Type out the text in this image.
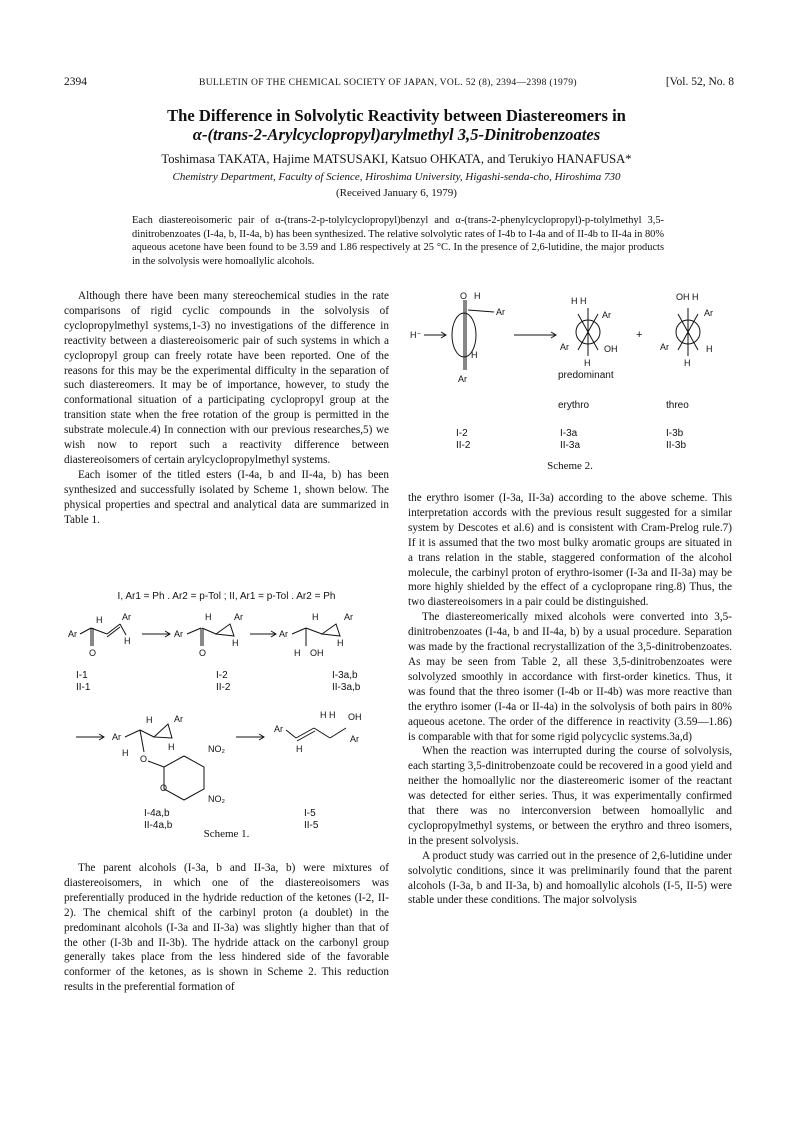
2394	BULLETIN OF THE CHEMICAL SOCIETY OF JAPAN, VOL. 52 (8), 2394—2398 (1979)	[Vol. 52, No. 8
The Difference in Solvolytic Reactivity between Diastereomers in
α-(trans-2-Arylcyclopropyl)arylmethyl 3,5-Dinitrobenzoates
Toshimasa TAKATA, Hajime MATSUSAKI, Katsuo OHKATA, and Terukiyo HANAFUSA*
Chemistry Department, Faculty of Science, Hiroshima University, Higashi-senda-cho, Hiroshima 730
(Received January 6, 1979)
Each diastereoisomeric pair of α-(trans-2-p-tolylcyclopropyl)benzyl and α-(trans-2-phenylcyclopropyl)-p-tolylmethyl 3,5-dinitrobenzoates (I-4a, b, II-4a, b) has been synthesized. The relative solvolytic rates of I-4b to I-4a and of II-4b to II-4a in 80% aqueous acetone have been found to be 3.59 and 1.86 respectively at 25 °C. In the presence of 2,6-lutidine, the major products in the solvolysis were homoallylic alcohols.

Although there have been many stereochemical studies in the rate comparisons of rigid cyclic compounds in the solvolysis of cyclopropylmethyl systems,1-3) no investigations of the difference in reactivity between a diastereoisomeric pair of such systems in which a cyclopropyl group can freely rotate have been reported. One of the reasons for this may be the experimental difficulty in the separation of such diastereomers. It may be of importance, however, to study the conformational situation of a participating cyclopropyl group at the transition state when the free rotation of the group is permitted in the substrate molecule.4) In connection with our previous researches,5) we wish now to report such a reactivity difference between diastereoisomers of certain arylcyclopropylmethyl systems.

Each isomer of the titled esters (I-4a, b and II-4a, b) has been synthesized and successfully isolated by Scheme 1, shown below. The physical properties and spectral and analytical data are summarized in Table 1.

I, Ar1 = Ph . Ar2 = p-Tol ; II, Ar1 = p-Tol . Ar2 = Ph
Ar
O
H Ar
H
Ar
O
H	Ar
H
Ar
H OH
H	Ar
H
Ar
H Ar
H
H
O
O
NO₂
NO₂
Ar
H
H H OH
Ar
I-1
II-1
I-2
II-2
I-3a,b
II-3a,b
I-4a,b
II-4a,b
I-5
II-5
Scheme 1.

The parent alcohols (I-3a, b and II-3a, b) were mixtures of diastereoisomers, in which one of the diastereoisomers was preferentially produced in the hydride reduction of the ketones (I-2, II-2). The chemical shift of the carbinyl proton (a doublet) in the predominant alcohols (I-3a and II-3a) was slightly higher than that of the other (I-3b and II-3b). The hydride attack on the carbonyl group generally takes place from the less hindered side of the favorable conformer of the ketones, as is shown in Scheme 2. This reduction results in the preferential formation of

H⁻
O H
Ar
H
Ar
H H
Ar
Ar
H
OH
+
OH H
Ar
Ar
H
H
predominant
erythro	threo
I-2
II-2
I-3a
II-3a
I-3b
II-3b
Scheme 2.

the erythro isomer (I-3a, II-3a) according to the above scheme. This interpretation accords with the previous result suggested for a similar system by Descotes et al.6) and is consistent with Cram-Prelog rule.7) If it is assumed that the two most bulky aromatic groups are situated in a trans relation in the stable, staggered conformation of the alcohol molecule, the carbinyl proton of erythro-isomer (I-3a and II-3a) may be more highly shielded by the effect of a cyclopropane ring.8) Thus, the two diastereoisomers in a pair could be distinguished.

The diastereomerically mixed alcohols were converted into 3,5-dinitrobenzoates (I-4a, b and II-4a, b) by a usual procedure. Separation was made by the fractional recrystallization of the 3,5-dinitrobenzoates. As may be seen from Table 2, all these 3,5-dinitrobenzoates were solvolyzed smoothly in accordance with first-order kinetics. Thus, it was found that the threo isomer (I-4b or II-4b) was more reactive than the erythro isomer (I-4a or II-4a) in the solvolysis of both pairs in 80% aqueous acetone. The order of the difference in reactivity (3.59—1.86) is comparable with that for some rigid polycyclic systems.3a,d)

When the reaction was interrupted during the course of solvolysis, each starting 3,5-dinitrobenzoate could be recovered in a good yield and neither the homoallylic nor the diastereomeric isomer of the reactant was detected for either series. Thus, it was experimentally confirmed that there was no interconversion between homoallylic and cyclopropylmethyl systems, or between the erythro and threo isomers, in the present solvolysis.

A product study was carried out in the presence of 2,6-lutidine under solvolytic conditions, since it was preliminarily found that the parent alcohols (I-3a, b and II-3a, b) and homoallylic alcohols (I-5, II-5) were stable under these conditions. The major solvolysis
